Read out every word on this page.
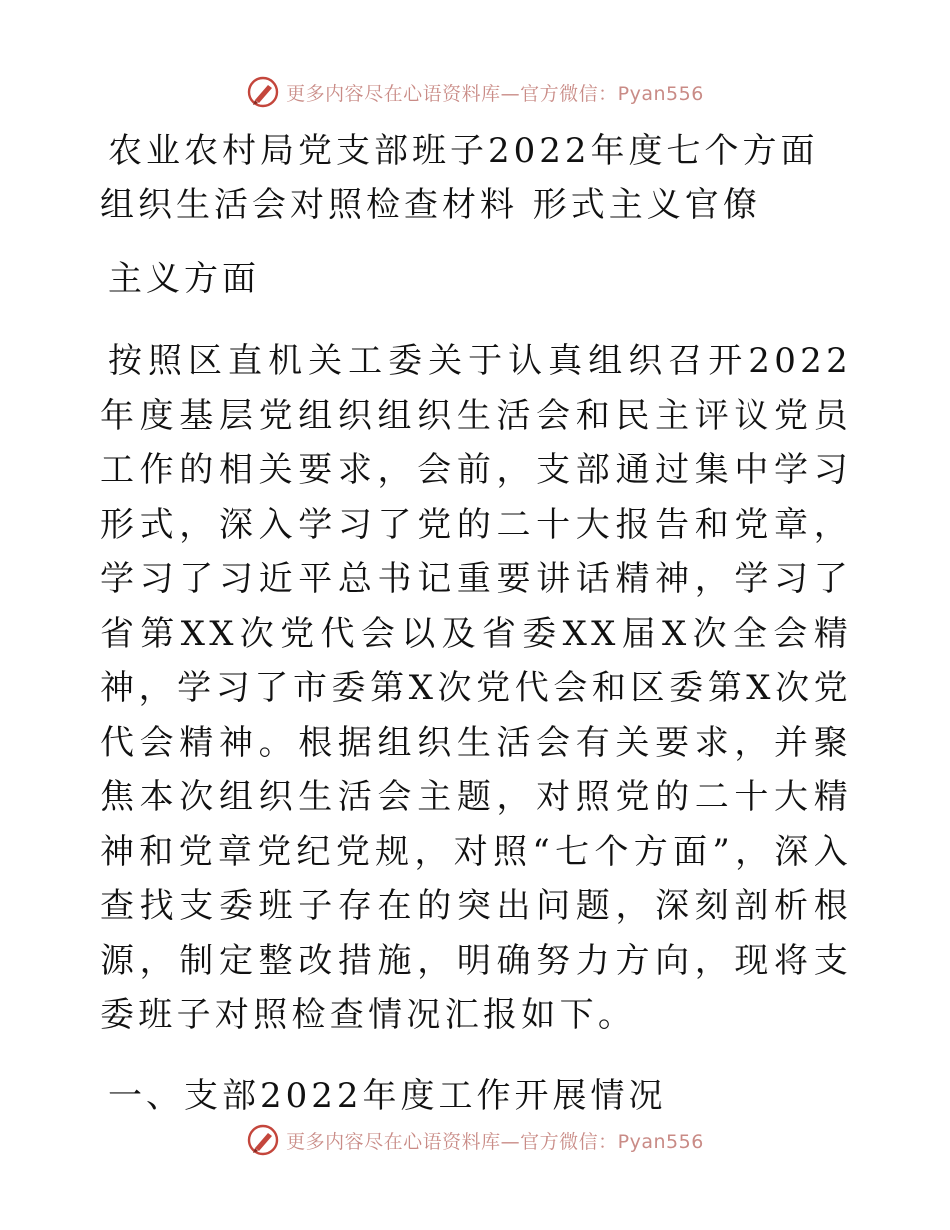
更多内容尽在心语资料库—官方微信：Pyan556
农业农村局党支部班子2022年度七个方面组织生活会对照检查材料 形式主义官僚

主义方面

按照区直机关工委关于认真组织召开2022年度基层党组织组织生活会和民主评议党员工作的相关要求，会前，支部通过集中学习形式，深入学习了党的二十大报告和党章，学习了习近平总书记重要讲话精神，学习了省第XX次党代会以及省委XX届X次全会精神，学习了市委第X次党代会和区委第X次党代会精神。根据组织生活会有关要求，并聚焦本次组织生活会主题，对照党的二十大精神和党章党纪党规，对照“七个方面”，深入查找支委班子存在的突出问题，深刻剖析根源，制定整改措施，明确努力方向，现将支委班子对照检查情况汇报如下。

一、支部2022年度工作开展情况

更多内容尽在心语资料库—官方微信：Pyan556
